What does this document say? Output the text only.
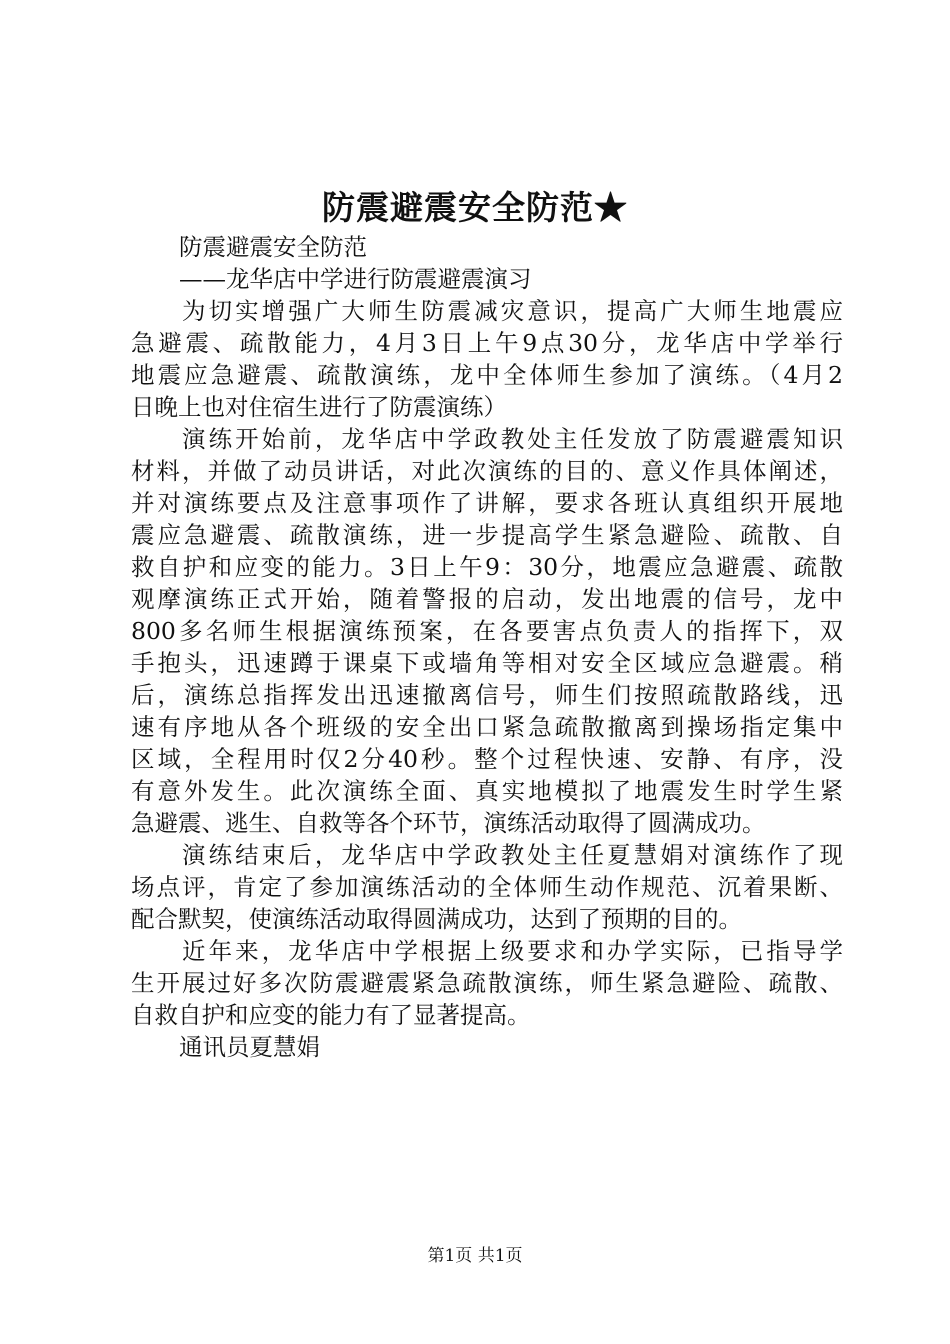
防震避震安全防范★
防震避震安全防范
——龙华店中学进行防震避震演习
为切实增强广大师生防震减灾意识，提高广大师生地震应
急避震、疏散能力，4月3日上午9点30分，龙华店中学举行
地震应急避震、疏散演练，龙中全体师生参加了演练。（4月2
日晚上也对住宿生进行了防震演练）
演练开始前，龙华店中学政教处主任发放了防震避震知识
材料，并做了动员讲话，对此次演练的目的、意义作具体阐述，
并对演练要点及注意事项作了讲解，要求各班认真组织开展地
震应急避震、疏散演练，进一步提高学生紧急避险、疏散、自
救自护和应变的能力。3日上午9：30分，地震应急避震、疏散
观摩演练正式开始，随着警报的启动，发出地震的信号，龙中
800多名师生根据演练预案，在各要害点负责人的指挥下，双
手抱头，迅速蹲于课桌下或墙角等相对安全区域应急避震。稍
后，演练总指挥发出迅速撤离信号，师生们按照疏散路线，迅
速有序地从各个班级的安全出口紧急疏散撤离到操场指定集中
区域，全程用时仅2分40秒。整个过程快速、安静、有序，没
有意外发生。此次演练全面、真实地模拟了地震发生时学生紧
急避震、逃生、自救等各个环节，演练活动取得了圆满成功。
演练结束后，龙华店中学政教处主任夏慧娟对演练作了现
场点评，肯定了参加演练活动的全体师生动作规范、沉着果断、
配合默契，使演练活动取得圆满成功，达到了预期的目的。
近年来，龙华店中学根据上级要求和办学实际，已指导学
生开展过好多次防震避震紧急疏散演练，师生紧急避险、疏散、
自救自护和应变的能力有了显著提高。
通讯员夏慧娟
第1页 共1页
